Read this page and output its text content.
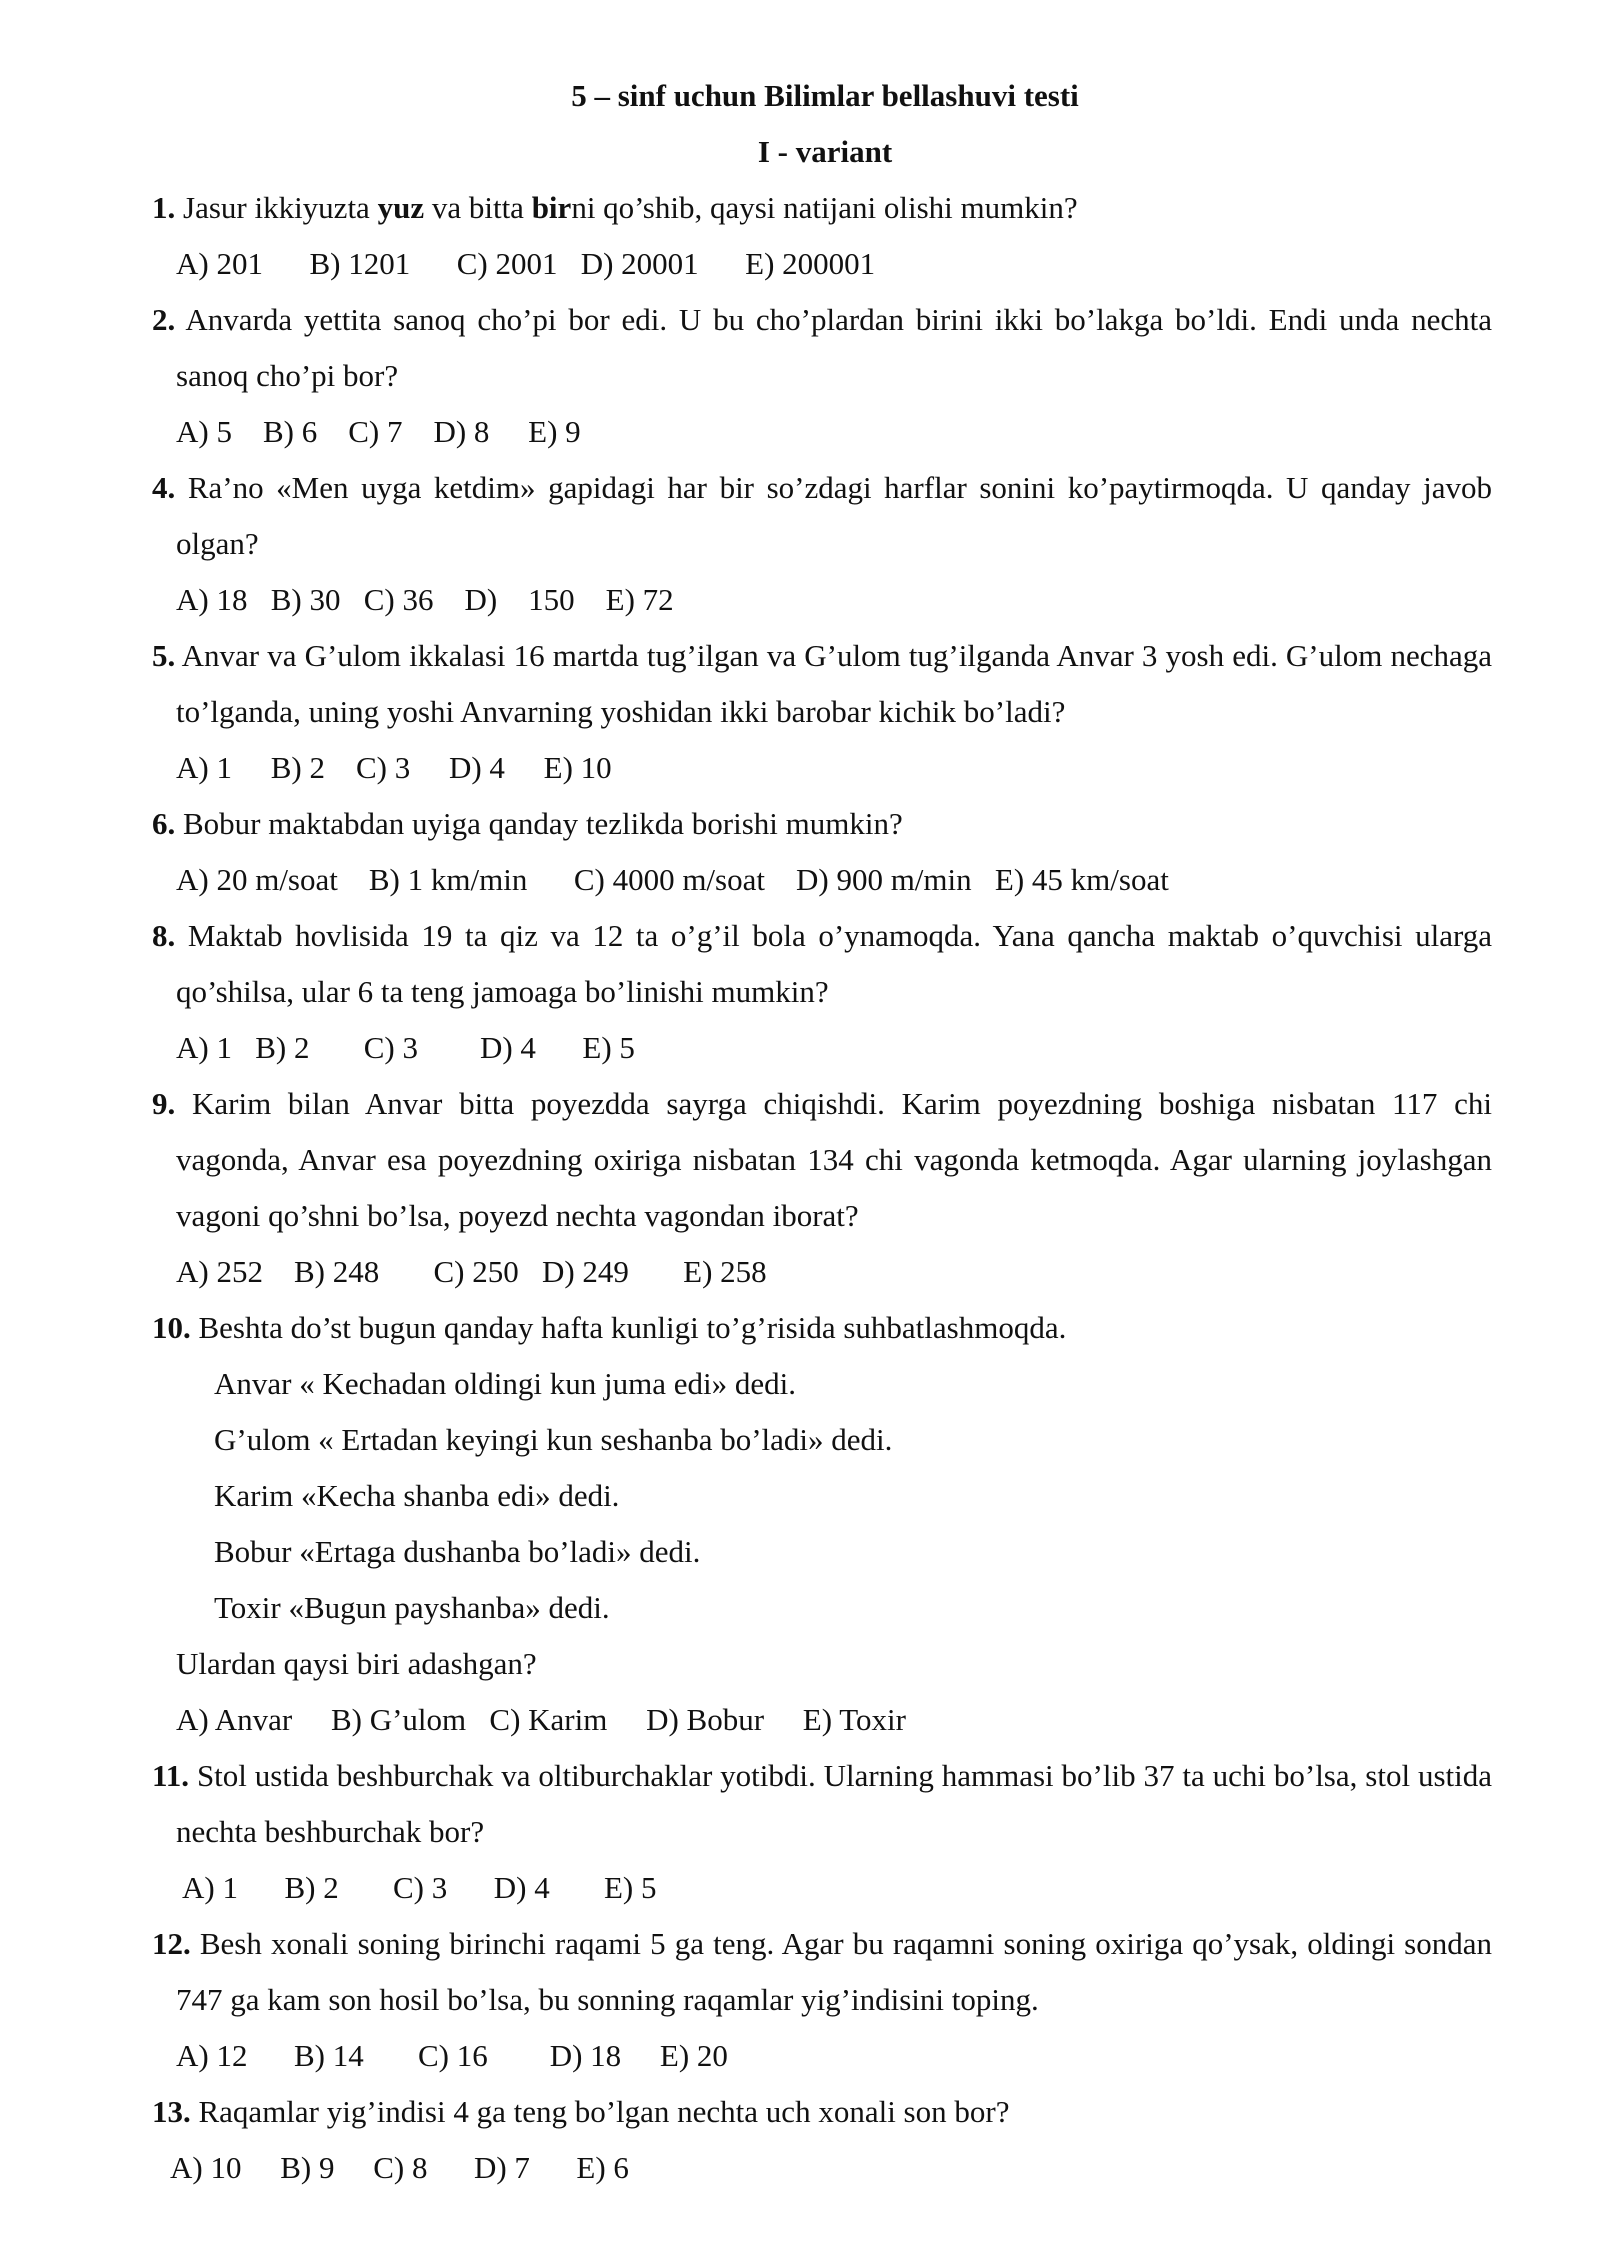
5 – sinf uchun Bilimlar bellashuvi testi
I - variant
1. Jasur ikkiyuzta yuz va bitta birni qo’shib, qaysi natijani olishi mumkin?
A) 201      B) 1201      C) 2001   D) 20001      E) 200001
2. Anvarda yettita sanoq cho’pi bor edi. U bu cho’plardan birini ikki bo’lakga bo’ldi. Endi unda nechta sanoq cho’pi bor?
A) 5    B) 6    C) 7    D) 8     E) 9
4. Ra’no «Men uyga ketdim» gapidagi har bir so’zdagi harflar sonini ko’paytirmoqda. U qanday javob olgan?
A) 18   B) 30   C) 36    D)    150    E) 72
5. Anvar va G’ulom ikkalasi 16 martda tug’ilgan va G’ulom tug’ilganda Anvar 3 yosh edi. G’ulom nechaga to’lganda, uning yoshi Anvarning yoshidan ikki barobar kichik bo’ladi?
A) 1     B) 2    C) 3     D) 4     E) 10
6. Bobur maktabdan uyiga qanday tezlikda borishi mumkin?
A) 20 m/soat    B) 1 km/min      C) 4000 m/soat    D) 900 m/min   E) 45 km/soat
8. Maktab hovlisida 19 ta qiz va 12 ta o’g’il bola o’ynamoqda. Yana qancha maktab o’quvchisi ularga qo’shilsa, ular 6 ta teng jamoaga bo’linishi mumkin?
A) 1   B) 2       C) 3        D) 4      E) 5
9. Karim bilan Anvar bitta poyezdda sayrga chiqishdi. Karim poyezdning boshiga nisbatan 117 chi vagonda, Anvar esa poyezdning oxiriga nisbatan 134 chi vagonda ketmoqda. Agar ularning joylashgan vagoni qo’shni bo’lsa, poyezd nechta vagondan iborat?
A) 252    B) 248       C) 250   D) 249       E) 258
10. Beshta do’st bugun qanday hafta kunligi to’g’risida suhbatlashmoqda.
Anvar « Kechadan oldingi kun juma edi» dedi.
G’ulom « Ertadan keyingi kun seshanba bo’ladi» dedi.
Karim «Kecha shanba edi» dedi.
Bobur «Ertaga dushanba bo’ladi» dedi.
Toxir «Bugun payshanba» dedi.
Ulardan qaysi biri adashgan?
A) Anvar     B) G’ulom   C) Karim     D) Bobur     E) Toxir
11. Stol ustida beshburchak va oltiburchaklar yotibdi. Ularning hammasi bo’lib 37 ta uchi bo’lsa, stol ustida nechta beshburchak bor?
A) 1      B) 2       C) 3      D) 4       E) 5
12. Besh xonali soning birinchi raqami 5 ga teng. Agar bu raqamni soning oxiriga qo’ysak, oldingi sondan 747 ga kam son hosil bo’lsa, bu sonning raqamlar yig’indisini toping.
A) 12      B) 14       C) 16        D) 18     E) 20
13. Raqamlar yig’indisi 4 ga teng bo’lgan nechta uch xonali son bor?
A) 10     B) 9     C) 8      D) 7      E) 6
